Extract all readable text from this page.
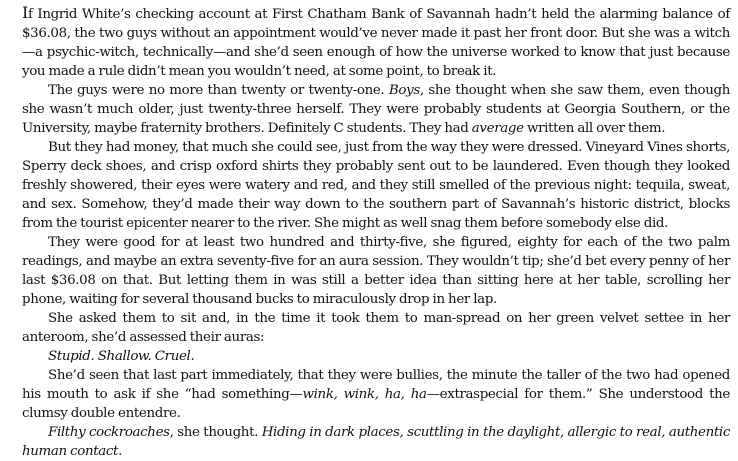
If Ingrid White’s checking account at First Chatham Bank of Savannah hadn’t held the alarming balance of $36.08, the two guys without an appointment would’ve never made it past her front door. But she was a witch—a psychic-witch, technically—and she’d seen enough of how the universe worked to know that just because you made a rule didn’t mean you wouldn’t need, at some point, to break it.

The guys were no more than twenty or twenty-one. Boys, she thought when she saw them, even though she wasn’t much older, just twenty-three herself. They were probably students at Georgia Southern, or the University, maybe fraternity brothers. Definitely C students. They had average written all over them.

But they had money, that much she could see, just from the way they were dressed. Vineyard Vines shorts, Sperry deck shoes, and crisp oxford shirts they probably sent out to be laundered. Even though they looked freshly showered, their eyes were watery and red, and they still smelled of the previous night: tequila, sweat, and sex. Somehow, they’d made their way down to the southern part of Savannah’s historic district, blocks from the tourist epicenter nearer to the river. She might as well snag them before somebody else did.

They were good for at least two hundred and thirty-five, she figured, eighty for each of the two palm readings, and maybe an extra seventy-five for an aura session. They wouldn’t tip; she’d bet every penny of her last $36.08 on that. But letting them in was still a better idea than sitting here at her table, scrolling her phone, waiting for several thousand bucks to miraculously drop in her lap.

She asked them to sit and, in the time it took them to man-spread on her green velvet settee in her anteroom, she’d assessed their auras:

Stupid. Shallow. Cruel.

She’d seen that last part immediately, that they were bullies, the minute the taller of the two had opened his mouth to ask if she “had something—wink, wink, ha, ha—extraspecial for them.” She understood the clumsy double entendre.

Filthy cockroaches, she thought. Hiding in dark places, scuttling in the daylight, allergic to real, authentic human contact.
